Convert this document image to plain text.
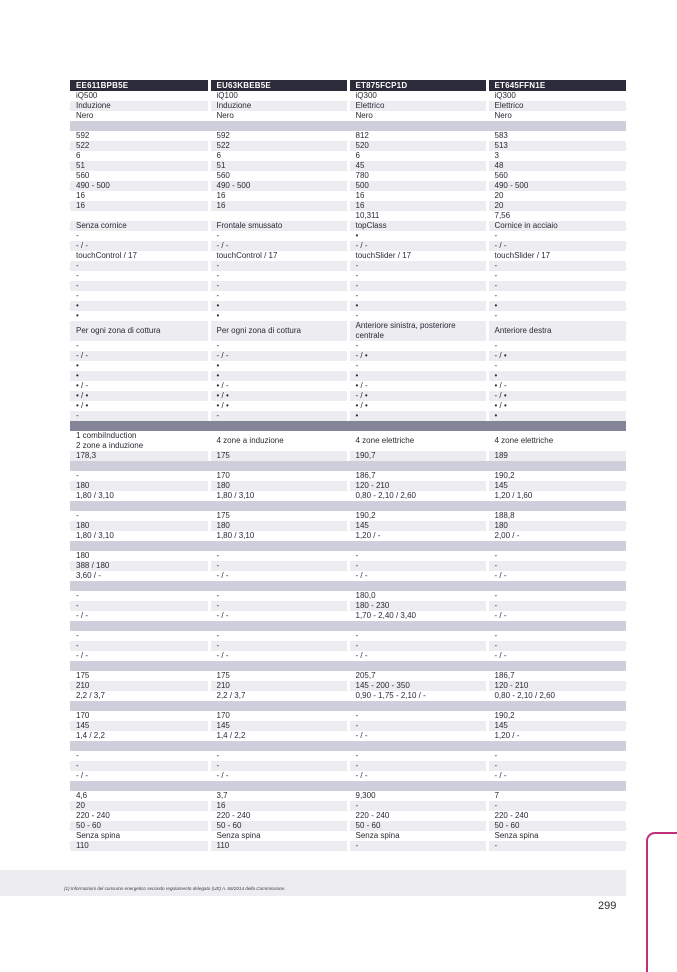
EE611BPB5E	EU63KBEB5E	ET875FCP1D	ET645FFN1E
iQ500	iQ100	iQ300	iQ300
Induzione	Induzione	Elettrico	Elettrico
Nero	Nero	Nero	Nero

592	592	812	583
522	522	520	513
6	6	6	3
51	51	45	48
560	560	780	560
490 - 500	490 - 500	500	490 - 500
16	16	16	20
16	16	16	20
		10,311	7,56
Senza cornice	Frontale smussato	topClass	Cornice in acciaio
-	-	•	-
- / -	- / -	- / -	- / -
touchControl / 17	touchControl / 17	touchSlider / 17	touchSlider / 17
-	-	-	-
-	-	-	-
-	-	-	-
-	-	-	-
•	•	•	•
•	•	-	-
Per ogni zona di cottura	Per ogni zona di cottura	Anteriore sinistra, posteriore centrale	Anteriore destra
-	-	-	-
- / -	- / -	- / •	- / •
•	•	-	-
•	•	•	•
• / -	• / -	• / -	• / -
• / •	• / •	- / •	- / •
• / •	• / •	• / •	• / •
-	-	•	•

1 combiInduction
2 zone a induzione	4 zone a induzione	4 zone elettriche	4 zone elettriche
178,3	175	190,7	189

-	170	186,7	190,2
180	180	120 - 210	145
1,80 / 3,10	1,80 / 3,10	0,80 - 2,10 / 2,60	1,20 / 1,60

-	175	190,2	188,8
180	180	145	180
1,80 / 3,10	1,80 / 3,10	1,20 / -	2,00 / -

180	-	-	-
388 / 180	-	-	-
3,60 / -	- / -	- / -	- / -

-	-	180,0	-
-	-	180 - 230	-
- / -	- / -	1,70 - 2,40 / 3,40	- / -

-	-	-	-
-	-	-	-
- / -	- / -	- / -	- / -

175	175	205,7	186,7
210	210	145 - 200 - 350	120 - 210
2,2 / 3,7	2,2 / 3,7	0,90 - 1,75 - 2,10 / -	0,80 - 2,10 / 2,60

170	170	-	190,2
145	145	-	145
1,4 / 2,2	1,4 / 2,2	- / -	1,20 / -

-	-	-	-
-	-	-	-
- / -	- / -	- / -	- / -

4,6	3,7	9,300	7
20	16	-	-
220 - 240	220 - 240	220 - 240	220 - 240
50 - 60	50 - 60	50 - 60	50 - 60
Senza spina	Senza spina	Senza spina	Senza spina
110	110	-	-
(1) Informazioni del consumo energetico secondo regolamento delegato (UE) n. 66/2014 della Commissione.
299
